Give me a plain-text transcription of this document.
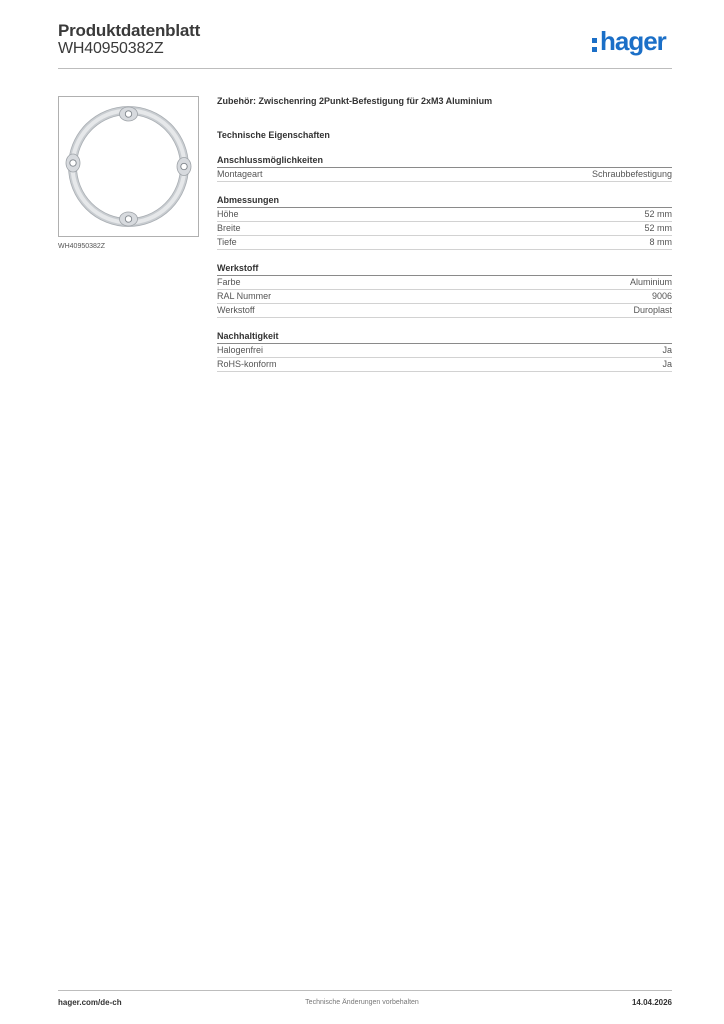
Produktdatenblatt
WH40950382Z	hager
WH40950382Z
Zubehör: Zwischenring 2Punkt-Befestigung für 2xM3 Aluminium
Technische Eigenschaften
Anschlussmöglichkeiten
Montageart	Schraubbefestigung
Abmessungen
Höhe	52 mm
Breite	52 mm
Tiefe	8 mm
Werkstoff
Farbe	Aluminium
RAL Nummer	9006
Werkstoff	Duroplast
Nachhaltigkeit
Halogenfrei	Ja
RoHS-konform	Ja
hager.com/de-ch	Technische Änderungen vorbehalten	14.04.2026
